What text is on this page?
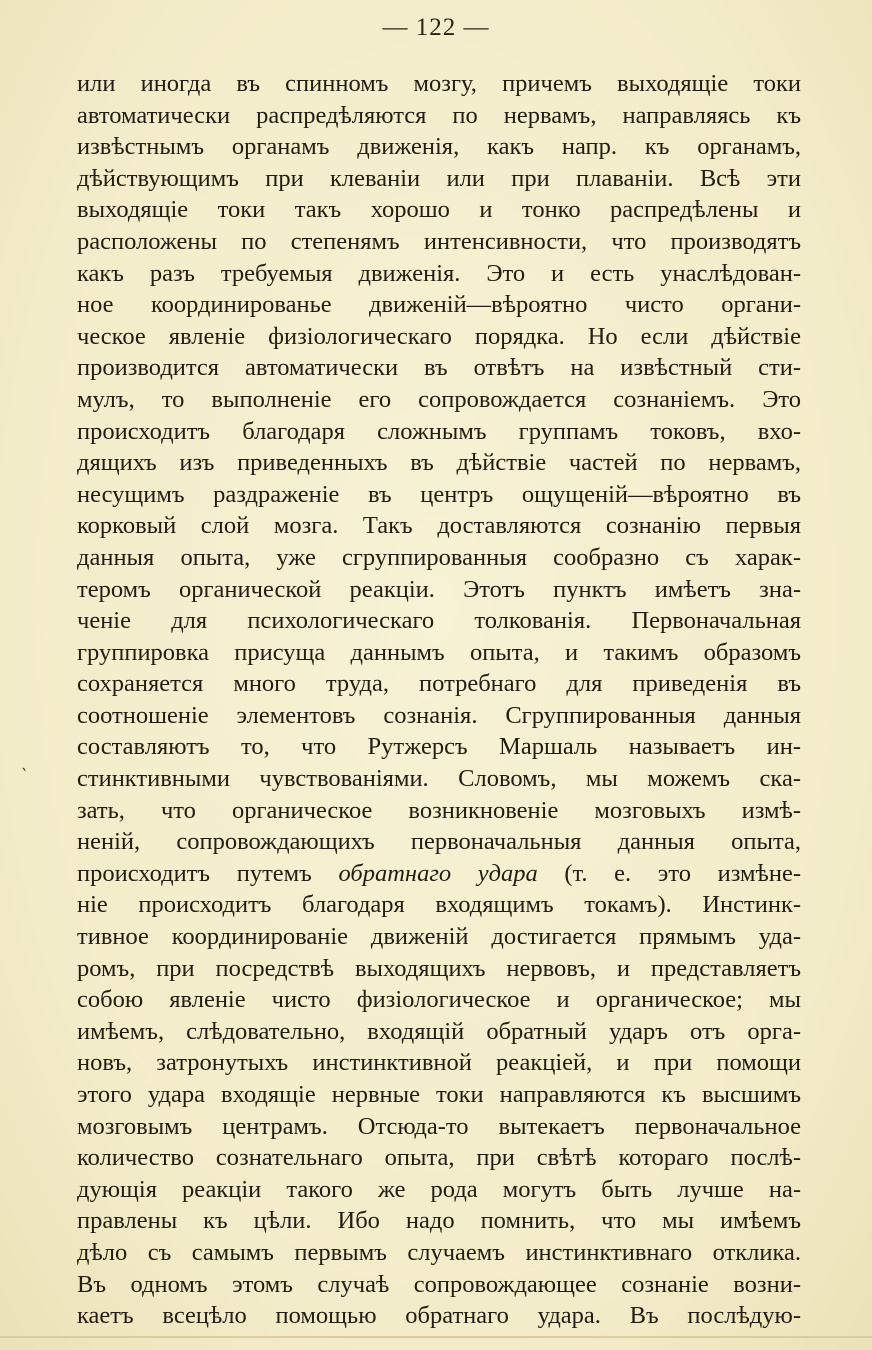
— 122 —
‵
или иногда въ спинномъ мозгу, причемъ выходящіе токи
автоматически распредѣляются по нервамъ, направляясь къ
извѣстнымъ органамъ движенія, какъ напр. къ органамъ,
дѣйствующимъ при клеваніи или при плаваніи. Всѣ эти
выходящіе токи такъ хорошо и тонко распредѣлены и
расположены по степенямъ интенсивности, что производятъ
какъ разъ требуемыя движенія. Это и есть унаслѣдован-
ное координированье движеній—вѣроятно чисто органи-
ческое явленіе физіологическаго порядка. Но если дѣйствіе
производится автоматически въ отвѣтъ на извѣстный сти-
мулъ, то выполненіе его сопровождается сознаніемъ. Это
происходитъ благодаря сложнымъ группамъ токовъ, вхо-
дящихъ изъ приведенныхъ въ дѣйствіе частей по нервамъ,
несущимъ раздраженіе въ центръ ощущеній—вѣроятно въ
корковый слой мозга. Такъ доставляются сознанію первыя
данныя опыта, уже сгруппированныя сообразно съ харак-
теромъ органической реакціи. Этотъ пунктъ имѣетъ зна-
ченіе для психологическаго толкованія. Первоначальная
группировка присуща даннымъ опыта, и такимъ образомъ
сохраняется много труда, потребнаго для приведенія въ
соотношеніе элементовъ сознанія. Сгруппированныя данныя
составляютъ то, что Рутжерсъ Маршаль называетъ ин-
стинктивными чувствованіями. Словомъ, мы можемъ ска-
зать, что органическое возникновеніе мозговыхъ измѣ-
неній, сопровождающихъ первоначальныя данныя опыта,
происходитъ путемъ обратнаго удара (т. е. это измѣне-
ніе происходитъ благодаря входящимъ токамъ). Инстинк-
тивное координированіе движеній достигается прямымъ уда-
ромъ, при посредствѣ выходящихъ нервовъ, и представляетъ
собою явленіе чисто физіологическое и органическое; мы
имѣемъ, слѣдовательно, входящій обратный ударъ отъ орга-
новъ, затронутыхъ инстинктивной реакціей, и при помощи
этого удара входящіе нервные токи направляются къ высшимъ
мозговымъ центрамъ. Отсюда-то вытекаетъ первоначальное
количество сознательнаго опыта, при свѣтѣ котораго послѣ-
дующія реакціи такого же рода могутъ быть лучше на-
правлены къ цѣли. Ибо надо помнить, что мы имѣемъ
дѣло съ самымъ первымъ случаемъ инстинктивнаго отклика.
Въ одномъ этомъ случаѣ сопровождающее сознаніе возни-
каетъ всецѣло помощью обратнаго удара. Въ послѣдую-
